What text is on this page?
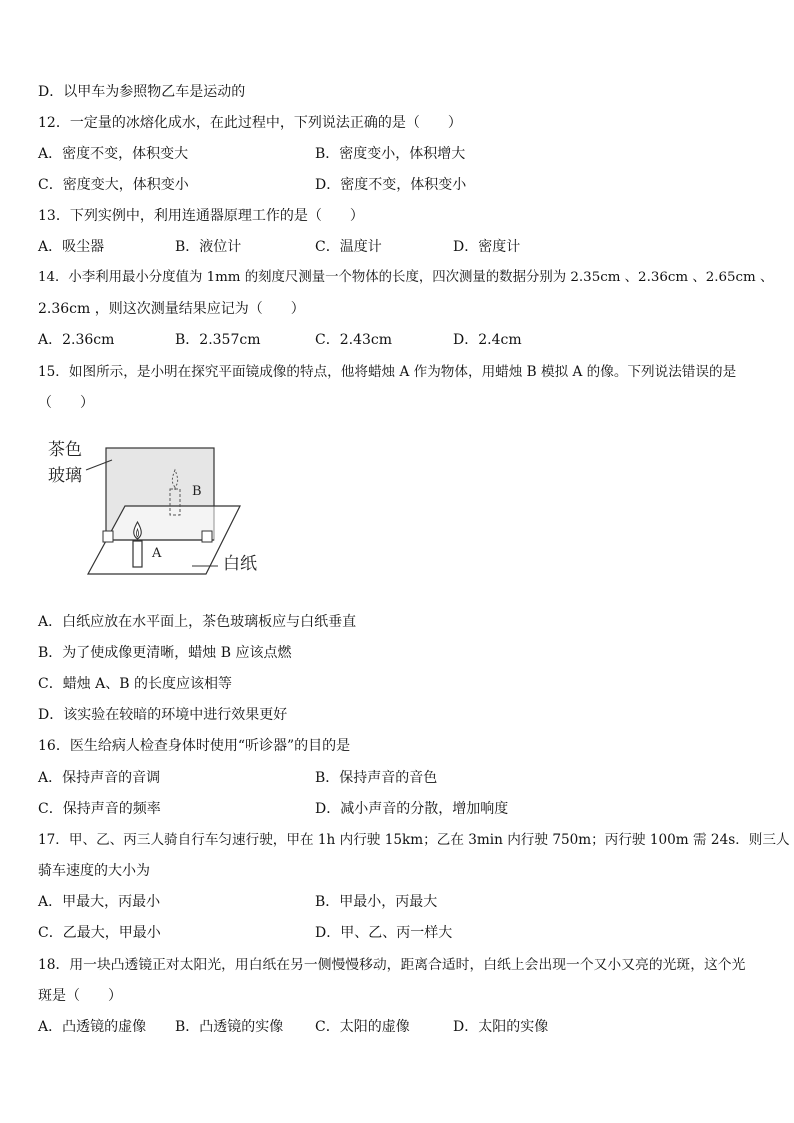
D．以甲车为参照物乙车是运动的
12．一定量的冰熔化成水，在此过程中，下列说法正确的是（　　）
A．密度不变，体积变大	B．密度变小，体积增大
C．密度变大，体积变小	D．密度不变，体积变小
13．下列实例中，利用连通器原理工作的是（　　）
A．吸尘器	B．液位计	C．温度计	D．密度计
14．小李利用最小分度值为 1mm 的刻度尺测量一个物体的长度，四次测量的数据分别为 2.35cm 、2.36cm 、2.65cm 、
2.36cm ，则这次测量结果应记为（　　）
A．2.36cm	B．2.357cm	C．2.43cm	D．2.4cm
15．如图所示，是小明在探究平面镜成像的特点，他将蜡烛 A 作为物体，用蜡烛 B 模拟 A 的像。下列说法错误的是
（　　）
茶色
玻璃
白纸
A
B
A．白纸应放在水平面上，茶色玻璃板应与白纸垂直
B．为了使成像更清晰，蜡烛 B 应该点燃
C．蜡烛 A、B 的长度应该相等
D．该实验在较暗的环境中进行效果更好
16．医生给病人检查身体时使用“听诊器”的目的是
A．保持声音的音调	B．保持声音的音色
C．保持声音的频率	D．减小声音的分散，增加响度
17．甲、乙、丙三人骑自行车匀速行驶，甲在 1h 内行驶 15km；乙在 3min 内行驶 750m；丙行驶 100m 需 24s．则三人
骑车速度的大小为
A．甲最大，丙最小	B．甲最小，丙最大
C．乙最大，甲最小	D．甲、乙、丙一样大
18．用一块凸透镜正对太阳光，用白纸在另一侧慢慢移动，距离合适时，白纸上会出现一个又小又亮的光斑，这个光
斑是（　　）
A．凸透镜的虚像 B．凸透镜的实像 C．太阳的虚像	D．太阳的实像
